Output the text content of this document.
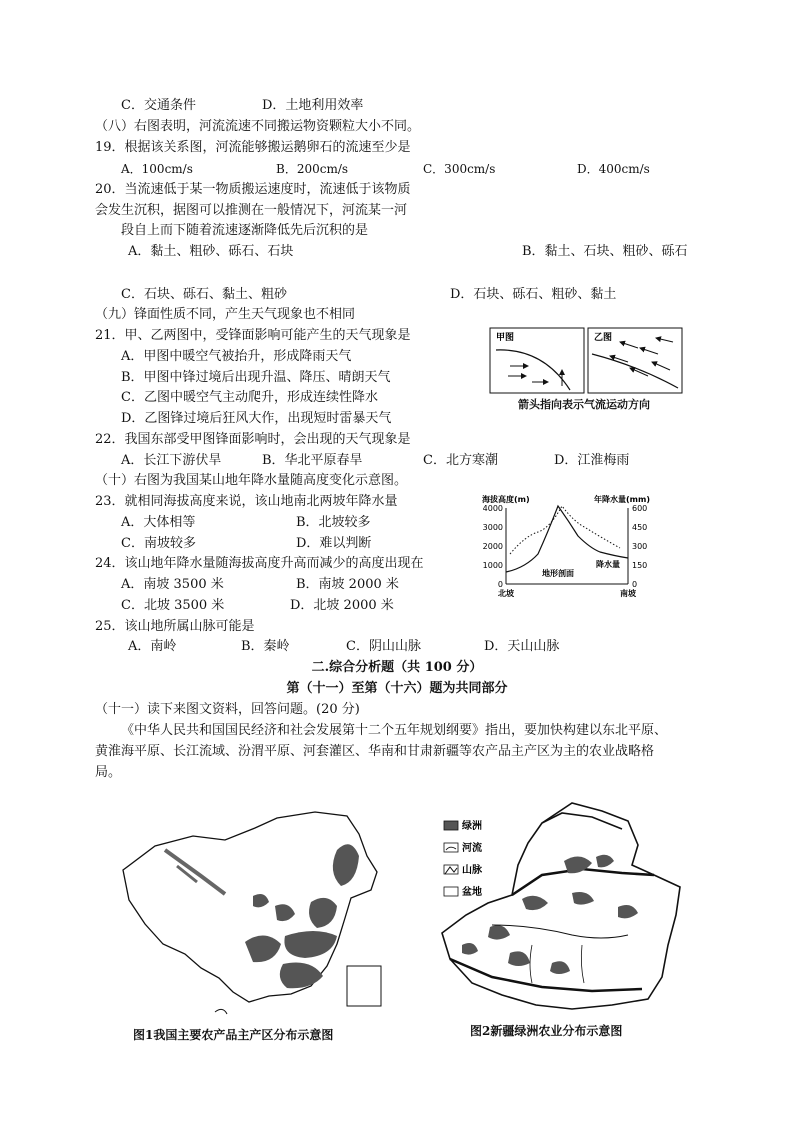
C．交通条件	D．土地利用效率
（八）右图表明，河流流速不同搬运物资颗粒大小不同。
19．根据该关系图，河流能够搬运鹅卵石的流速至少是
A．100cm/s	B．200cm/s	C．300cm/s	D．400cm/s
20．当流速低于某一物质搬运速度时，流速低于该物质
会发生沉积，据图可以推测在一般情况下，河流某一河
段自上而下随着流速逐渐降低先后沉积的是
A．黏土、粗砂、砾石、石块	B．黏土、石块、粗砂、砾石
C．石块、砾石、黏土、粗砂	D．石块、砾石、粗砂、黏土
（九）锋面性质不同，产生天气现象也不相同
21．甲、乙两图中，受锋面影响可能产生的天气现象是
A．甲图中暖空气被抬升，形成降雨天气
B．甲图中锋过境后出现升温、降压、晴朗天气
C．乙图中暖空气主动爬升，形成连续性降水
D．乙图锋过境后狂风大作，出现短时雷暴天气
22．我国东部受甲图锋面影响时，会出现的天气现象是
A．长江下游伏旱	B．华北平原春旱	C．北方寒潮	D．江淮梅雨
甲图	乙图
箭头指向表示气流运动方向
（十）右图为我国某山地年降水量随高度变化示意图。
23．就相同海拔高度来说，该山地南北两坡年降水量
A．大体相等	B．北坡较多
C．南坡较多	D．难以判断
24．该山地年降水量随海拔高度升高而减少的高度出现在
A．南坡 3500 米	B．南坡 2000 米
C．北坡 3500 米	D．北坡 2000 米
25．该山地所属山脉可能是
A．南岭	B．秦岭	C．阴山山脉	D．天山山脉
海拔高度(m)	年降水量(mm)
4000
3000
2000
1000
0
600
450
300
150
0
地形剖面
降水量
北坡	南坡
二.综合分析题（共 100 分）
第（十一）至第（十六）题为共同部分
（十一）读下来图文资料，回答问题。(20 分)
《中华人民共和国国民经济和社会发展第十二个五年规划纲要》指出，要加快构建以东北平原、
黄淮海平原、长江流域、汾渭平原、河套灌区、华南和甘肃新疆等农产品主产区为主的农业战略格
局。
图1我国主要农产品主产区分布示意图
绿洲
河流
山脉
盆地
图2新疆绿洲农业分布示意图
